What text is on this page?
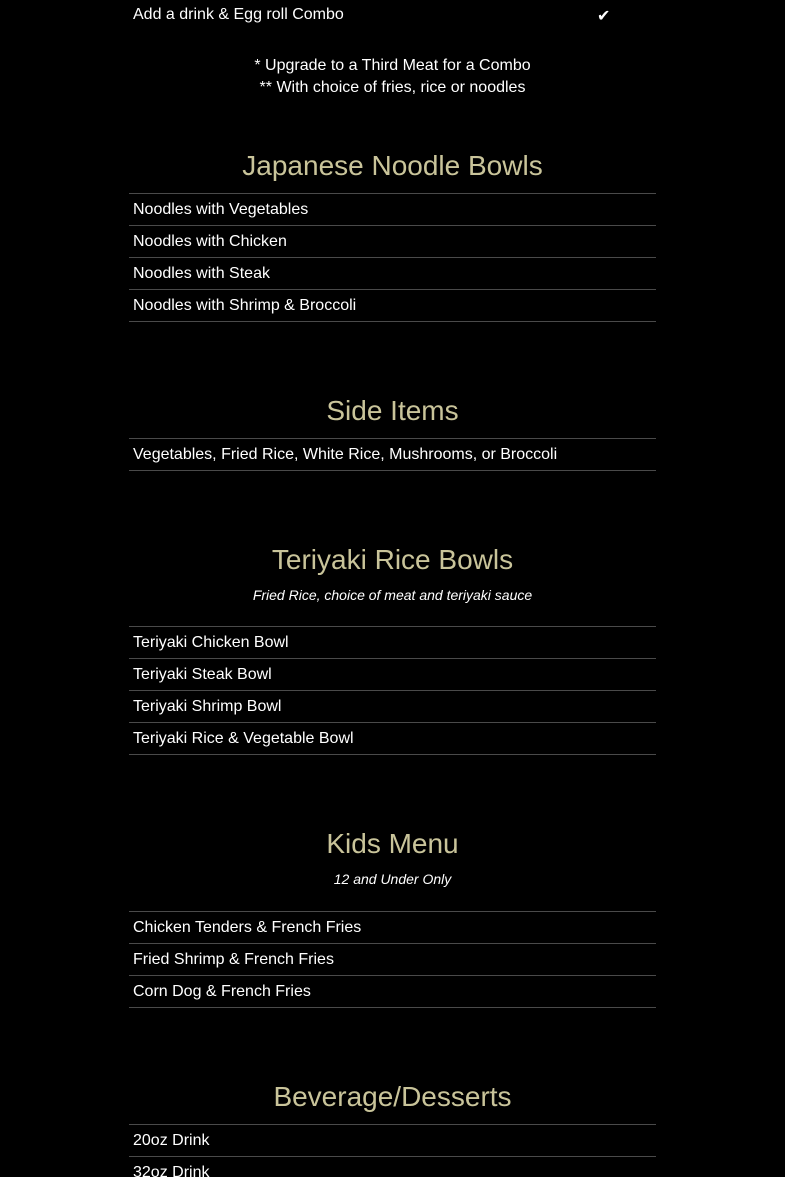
Add a drink & Egg roll Combo	✔
* Upgrade to a Third Meat for a Combo
** With choice of fries, rice or noodles
Japanese Noodle Bowls
Noodles with Vegetables
Noodles with Chicken
Noodles with Steak
Noodles with Shrimp & Broccoli
Side Items
Vegetables, Fried Rice, White Rice, Mushrooms, or Broccoli
Teriyaki Rice Bowls
Fried Rice, choice of meat and teriyaki sauce
Teriyaki Chicken Bowl
Teriyaki Steak Bowl
Teriyaki Shrimp Bowl
Teriyaki Rice & Vegetable Bowl
Kids Menu
12 and Under Only
Chicken Tenders & French Fries
Fried Shrimp & French Fries
Corn Dog & French Fries
Beverage/Desserts
20oz Drink
32oz Drink
